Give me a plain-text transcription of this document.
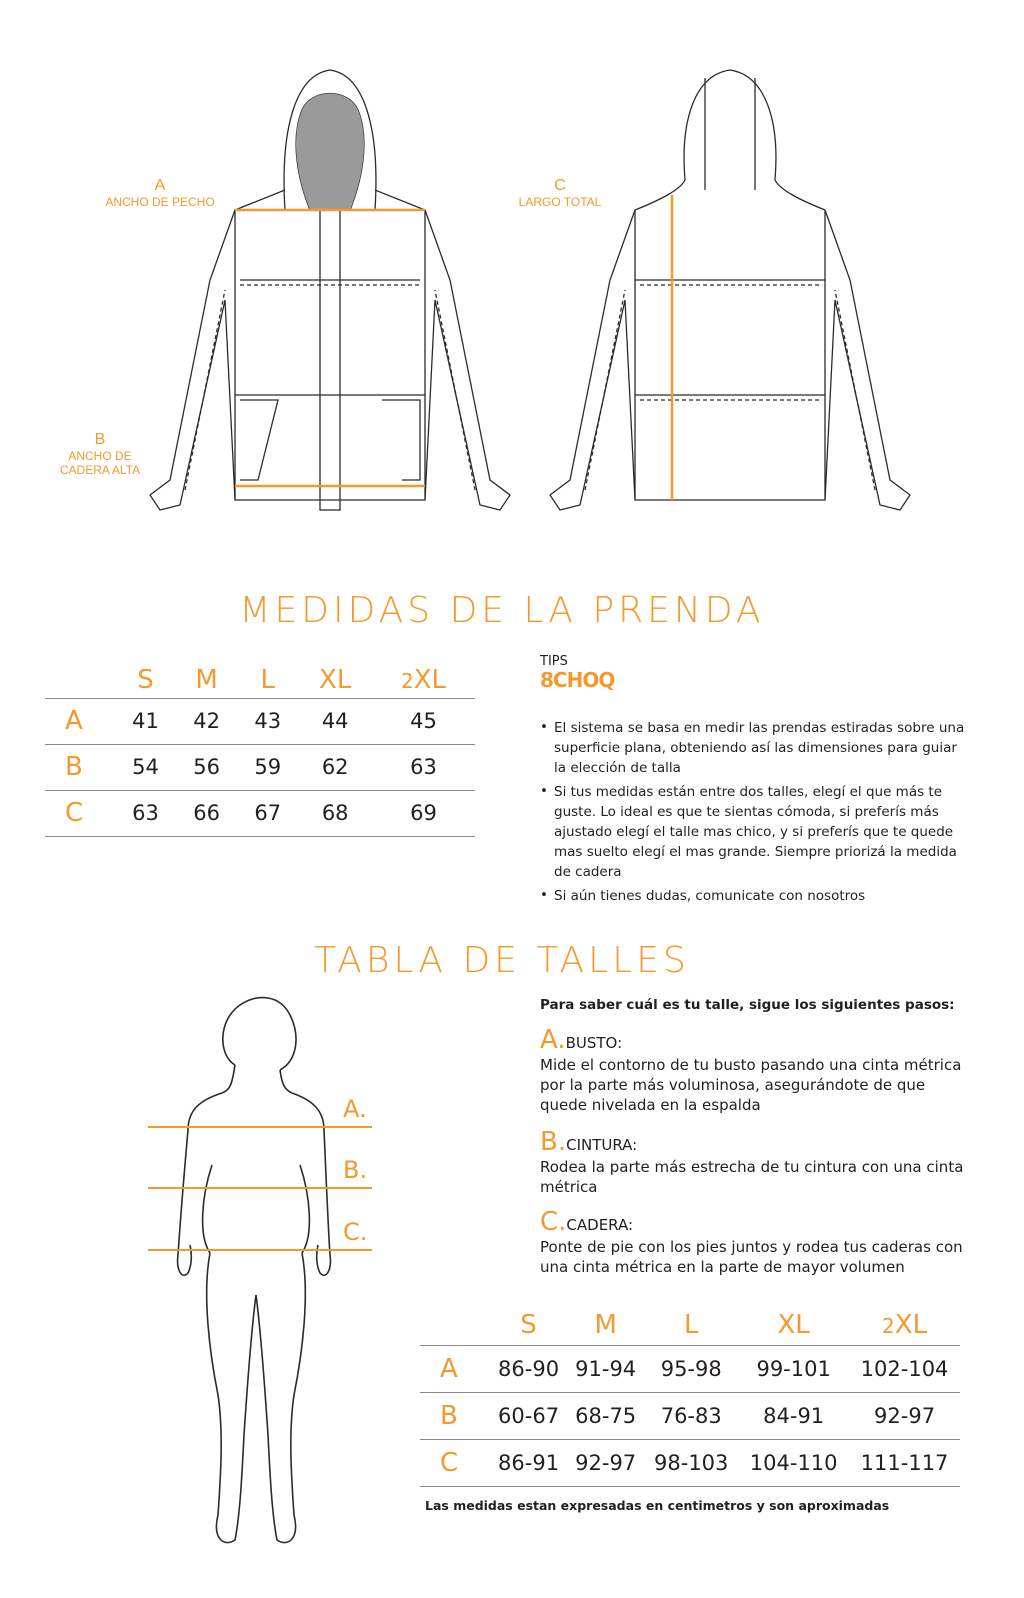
A
ANCHO DE PECHO
B
ANCHO DE
CADERA ALTA
C
LARGO TOTAL
MEDIDAS DE LA PRENDA
	S	M	L	XL	2XL
A	41	42	43	44	45
B	54	56	59	62	63
C	63	66	67	68	69
TIPS
8CHOQ
• El sistema se basa en medir las prendas estiradas sobre una superficie plana, obteniendo así las dimensiones para guiar la elección de talla
• Si tus medidas están entre dos talles, elegí el que más te guste. Lo ideal es que te sientas cómoda, si preferís más ajustado elegí el talle mas chico, y si preferís que te quede mas suelto elegí el mas grande. Siempre priorizá la medida de cadera
• Si aún tienes dudas, comunicate con nosotros
TABLA DE TALLES
A.
B.
C.
Para saber cuál es tu talle, sigue los siguientes pasos:
A.BUSTO:
Mide el contorno de tu busto pasando una cinta métrica por la parte más voluminosa, asegurándote de que quede nivelada en la espalda
B.CINTURA:
Rodea la parte más estrecha de tu cintura con una cinta métrica
C.CADERA:
Ponte de pie con los pies juntos y rodea tus caderas con una cinta métrica en la parte de mayor volumen
	S	M	L	XL	2XL
A	86-90	91-94	95-98	99-101	102-104
B	60-67	68-75	76-83	84-91	92-97
C	86-91	92-97	98-103	104-110	111-117
Las medidas estan expresadas en centimetros y son aproximadas
